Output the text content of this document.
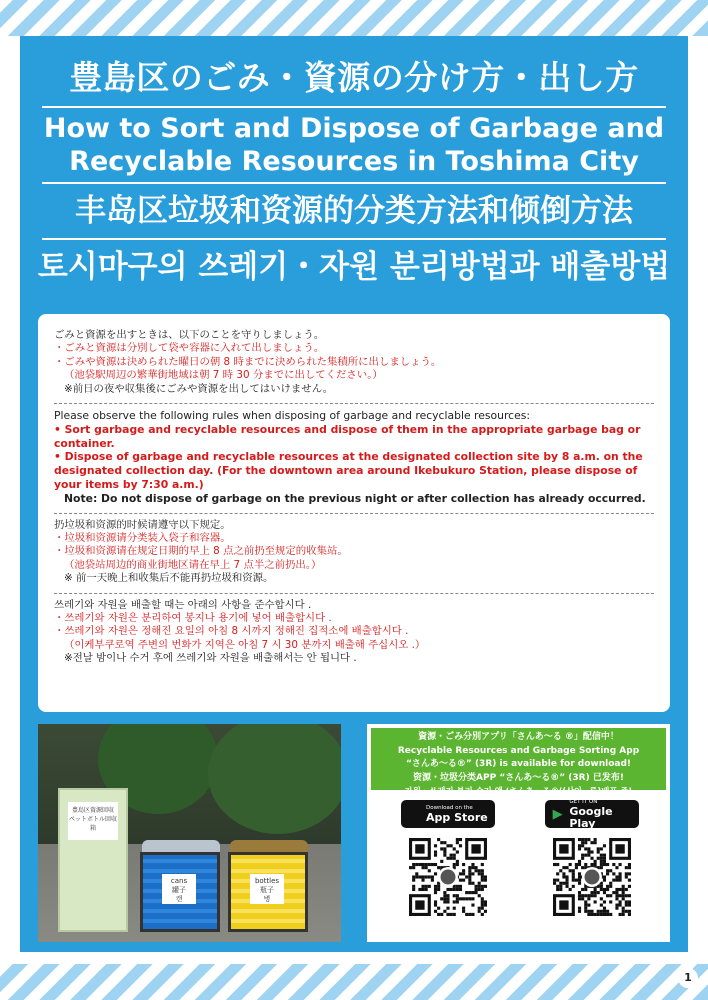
豊島区のごみ・資源の分け方・出し方
How to Sort and Dispose of Garbage and
Recyclable Resources in Toshima City
丰岛区垃圾和资源的分类方法和倾倒方法
토시마구의 쓰레기・자원 분리방법과 배출방법
ごみと資源を出すときは、以下のことを守りしましょう。
・ごみと資源は分別して袋や容器に入れて出しましょう。
・ごみや資源は決められた曜日の朝 8 時までに決められた集積所に出しましょう。
（池袋駅周辺の繁華街地域は朝 7 時 30 分までに出してください。）
※前日の夜や収集後にごみや資源を出してはいけません。
Please observe the following rules when disposing of garbage and recyclable resources:
• Sort garbage and recyclable resources and dispose of them in the appropriate garbage bag or container.
• Dispose of garbage and recyclable resources at the designated collection site by 8 a.m. on the designated collection day. (For the downtown area around Ikebukuro Station, please dispose of your items by 7:30 a.m.)
Note: Do not dispose of garbage on the previous night or after collection has already occurred.
扔垃圾和资源的时候请遵守以下规定。
・垃圾和资源请分类装入袋子和容器。
・垃圾和资源请在规定日期的早上 8 点之前扔至规定的收集站。
（池袋站周边的商业街地区请在早上 7 点半之前扔出。）
※ 前一天晚上和收集后不能再扔垃圾和资源。
쓰레기와 자원을 배출할 때는 아래의 사항을 준수합시다 .
・쓰레기와 자원은 분리하여 봉지나 용기에 넣어 배출합시다 .
・쓰레기와 자원은 정해진 요일의 아침 8 시까지 정해진 집적소에 배출합시다 .
（이케부쿠로역 주변의 번화가 지역은 아침 7 시 30 분까지 배출해 주십시오 .）
※전날 밤이나 수거 후에 쓰레기와 자원을 배출해서는 안 됩니다 .
豊島区資源回収
ペットボトル回収箱
cans
罐子
캔
bottles
瓶子
병
資源・ごみ分別アプリ「さんあ〜る ®」配信中！
Recyclable Resources and Garbage Sorting App
“さんあ〜る®” (3R) is available for download!
资源・垃圾分类APP “さんあ〜る®” (3R) 已发布!
자원・쓰레기 분리 수거 앱 ‘さんあ〜る®’(산아~루)배포 중!
Download on the
App Store	▶
GET IT ON
Google Play
1
